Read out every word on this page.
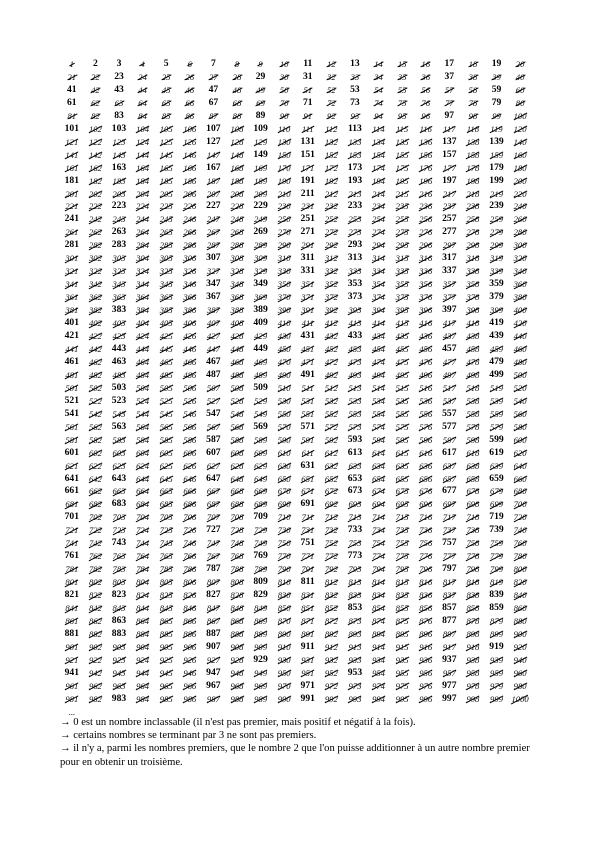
1	2	3	4	5	6	7	8	9	10	11	12	13	14	15	16	17	18	19	20
21	22	23	24	25	26	27	28	29	30	31	32	33	34	35	36	37	38	39	40
41	42	43	44	45	46	47	48	49	50	51	52	53	54	55	56	57	58	59	60
61	62	63	64	65	66	67	68	69	70	71	72	73	74	75	76	77	78	79	80
81	82	83	84	85	86	87	88	89	90	91	92	93	94	95	96	97	98	99	100
101	102	103	104	105	106	107	108	109	110	111	112	113	114	115	116	117	118	119	120
121	122	123	124	125	126	127	128	129	130	131	132	133	134	135	136	137	138	139	140
141	142	143	144	145	146	147	148	149	150	151	152	153	154	155	156	157	158	159	160
161	162	163	164	165	166	167	168	169	170	171	172	173	174	175	176	177	178	179	180
181	182	183	184	185	186	187	188	189	190	191	192	193	194	195	196	197	198	199	200
201	202	203	204	205	206	207	208	209	210	211	212	213	214	215	216	217	218	219	220
221	222	223	224	225	226	227	228	229	230	231	232	233	234	235	236	237	238	239	240
241	242	243	244	245	246	247	248	249	250	251	252	253	254	255	256	257	258	259	260
261	262	263	264	265	266	267	268	269	270	271	272	273	274	275	276	277	278	279	280
281	282	283	284	285	286	287	288	289	290	291	292	293	294	295	296	297	298	299	300
301	302	303	304	305	306	307	308	309	310	311	312	313	314	315	316	317	318	319	320
321	322	323	324	325	326	327	328	329	330	331	332	333	334	335	336	337	338	339	340
341	342	343	344	345	346	347	348	349	350	351	352	353	354	355	356	357	358	359	360
361	362	363	364	365	366	367	368	369	370	371	372	373	374	375	376	377	378	379	380
381	382	383	384	385	386	387	388	389	390	391	392	393	394	395	396	397	398	399	400
401	402	403	404	405	406	407	408	409	410	411	412	413	414	415	416	417	418	419	420
421	422	423	424	425	426	427	428	429	430	431	432	433	434	435	436	437	438	439	440
441	442	443	444	445	446	447	448	449	450	451	452	453	454	455	456	457	458	459	460
461	462	463	464	465	466	467	468	469	470	471	472	473	474	475	476	477	478	479	480
481	482	483	484	485	486	487	488	489	490	491	492	493	494	495	496	497	498	499	500
501	502	503	504	505	506	507	508	509	510	511	512	513	514	515	516	517	518	519	520
521	522	523	524	525	526	527	528	529	530	531	532	533	534	535	536	537	538	539	540
541	542	543	544	545	546	547	548	549	550	551	552	553	554	555	556	557	558	559	560
561	562	563	564	565	566	567	568	569	570	571	572	573	574	575	576	577	578	579	580
581	582	583	584	585	586	587	588	589	590	591	592	593	594	595	596	597	598	599	600
601	602	603	604	605	606	607	608	609	610	611	612	613	614	615	616	617	618	619	620
621	622	623	624	625	626	627	628	629	630	631	632	633	634	635	636	637	638	639	640
641	642	643	644	645	646	647	648	649	650	651	652	653	654	655	656	657	658	659	660
661	662	663	664	665	666	667	668	669	670	671	672	673	674	675	676	677	678	679	680
681	682	683	684	685	686	687	688	689	690	691	692	693	694	695	696	697	698	699	700
701	702	703	704	705	706	707	708	709	710	711	712	713	714	715	716	717	718	719	720
721	722	723	724	725	726	727	728	729	730	731	732	733	734	735	736	737	738	739	740
741	742	743	744	745	746	747	748	749	750	751	752	753	754	755	756	757	758	759	760
761	762	763	764	765	766	767	768	769	770	771	772	773	774	775	776	777	778	779	780
781	782	783	784	785	786	787	788	789	790	791	792	793	794	795	796	797	798	799	800
801	802	803	804	805	806	807	808	809	810	811	812	813	814	815	816	817	818	819	820
821	822	823	824	825	826	827	828	829	830	831	832	833	834	835	836	837	838	839	840
841	842	843	844	845	846	847	848	849	850	851	852	853	854	855	856	857	858	859	860
861	862	863	864	865	866	867	868	869	870	871	872	873	874	875	876	877	878	879	880
881	882	883	884	885	886	887	888	889	890	891	892	893	894	895	896	897	898	899	900
901	902	903	904	905	906	907	908	909	910	911	912	913	914	915	916	917	918	919	920
921	922	923	924	925	926	927	928	929	930	931	932	933	934	935	936	937	938	939	940
941	942	943	944	945	946	947	948	949	950	951	952	953	954	955	956	957	958	959	960
961	962	963	964	965	966	967	968	969	970	971	972	973	974	975	976	977	978	979	980
981	982	983	984	985	986	987	988	989	990	991	992	993	994	995	996	997	998	999	1000
...																			

→ 0 est un nombre inclassable (il n'est pas premier, mais positif et négatif à la fois).

→ certains nombres se terminant par 3 ne sont pas premiers.

→ il n'y a, parmi les nombres premiers, que le nombre 2 que l'on puisse additionner à un autre nombre premier pour en obtenir un troisième.
